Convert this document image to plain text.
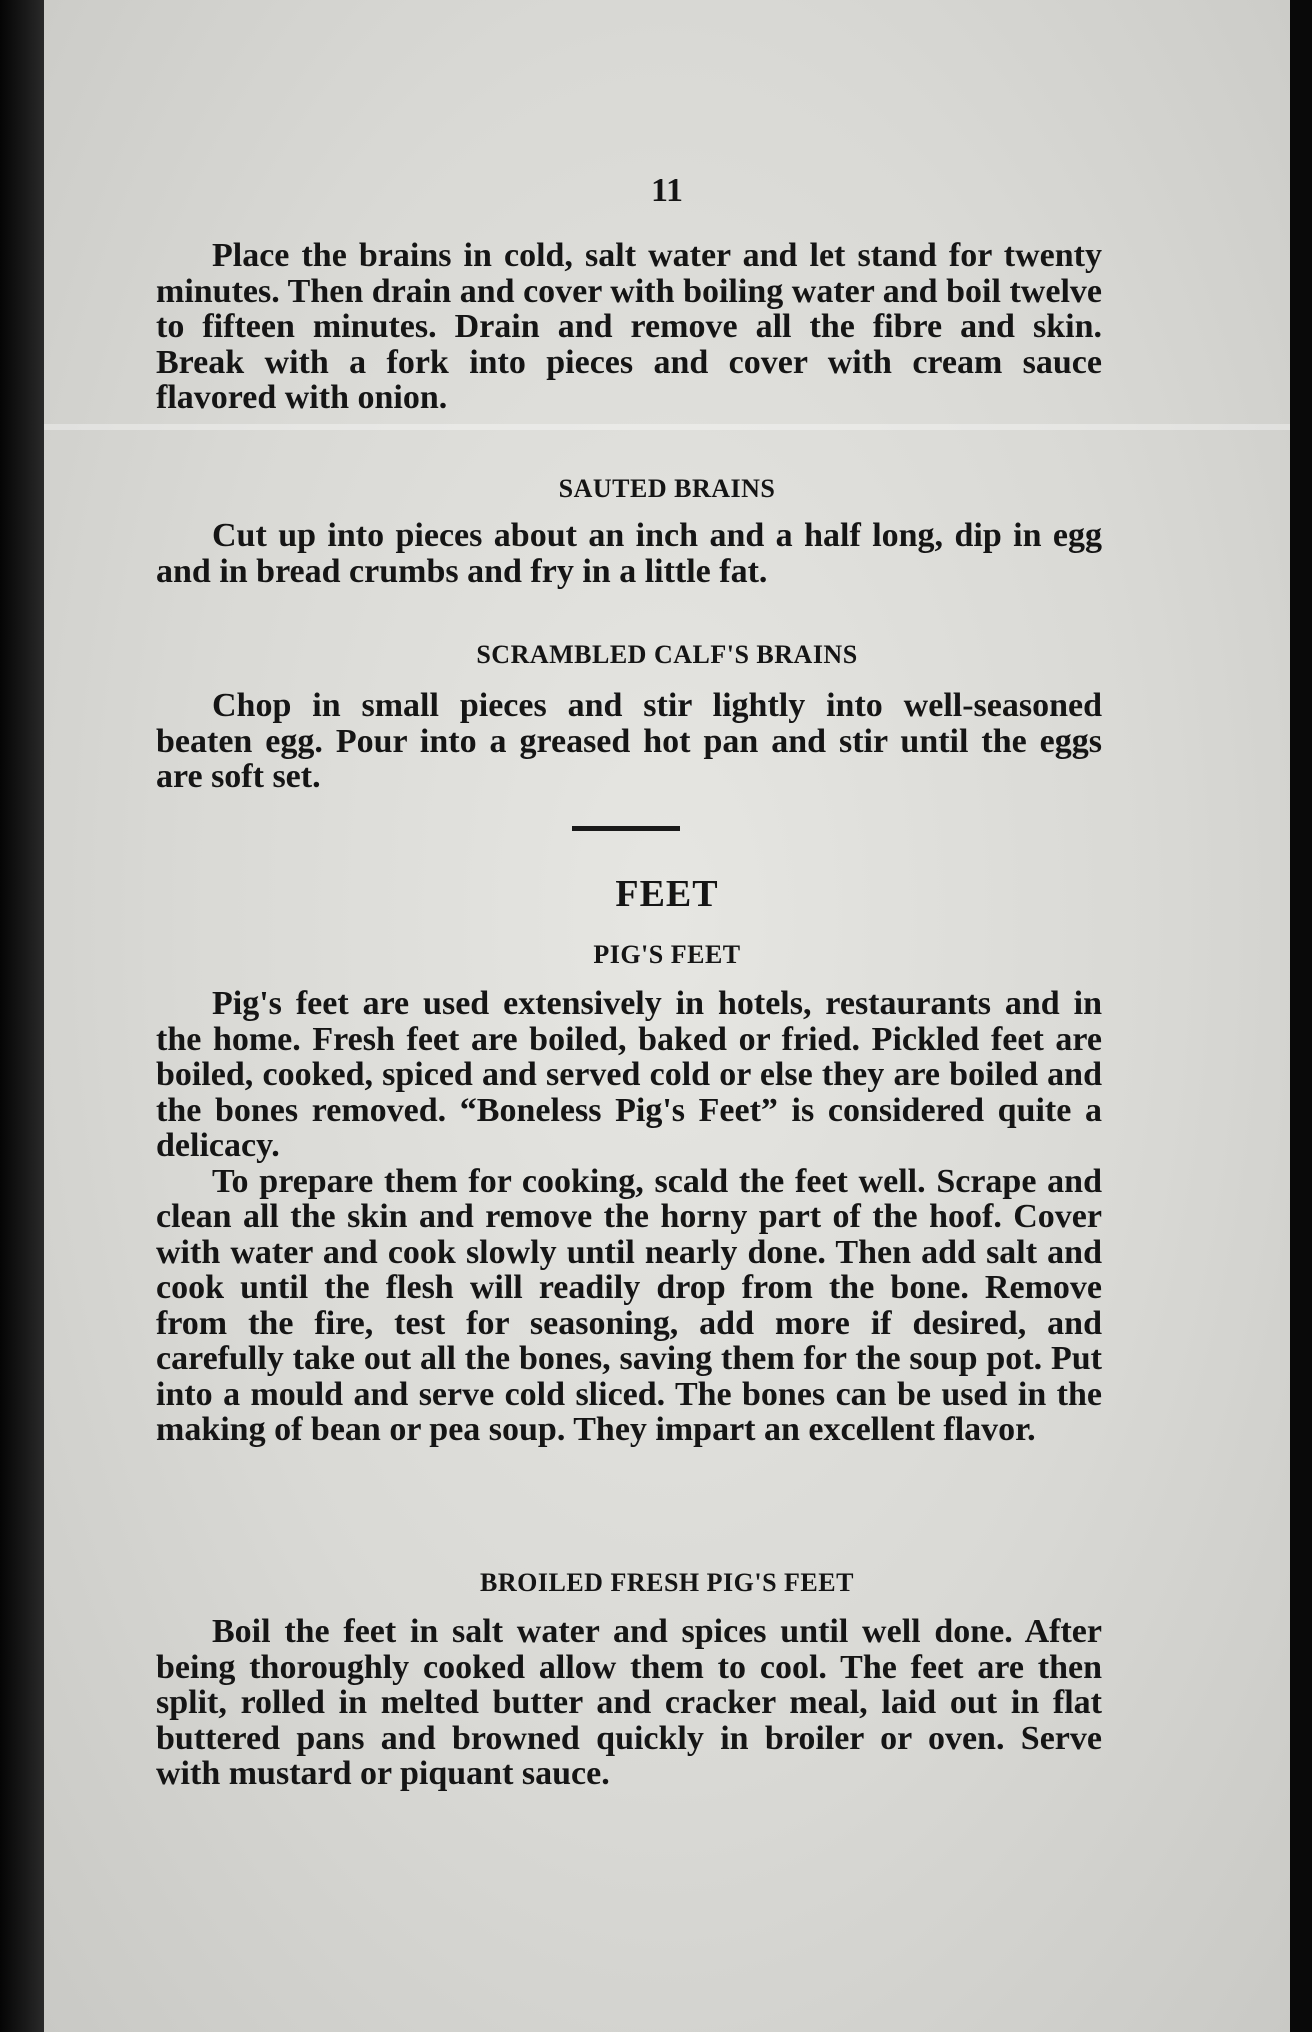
11

Place the brains in cold, salt water and let stand for twenty minutes. Then drain and cover with boiling water and boil twelve to fifteen minutes. Drain and remove all the fibre and skin. Break with a fork into pieces and cover with cream sauce flavored with onion.

SAUTED BRAINS

Cut up into pieces about an inch and a half long, dip in egg and in bread crumbs and fry in a little fat.

SCRAMBLED CALF'S BRAINS

Chop in small pieces and stir lightly into well-seasoned beaten egg. Pour into a greased hot pan and stir until the eggs are soft set.

FEET
PIG'S FEET

Pig's feet are used extensively in hotels, restaurants and in the home. Fresh feet are boiled, baked or fried. Pickled feet are boiled, cooked, spiced and served cold or else they are boiled and the bones removed. “Boneless Pig's Feet” is considered quite a delicacy.

To prepare them for cooking, scald the feet well. Scrape and clean all the skin and remove the horny part of the hoof. Cover with water and cook slowly until nearly done. Then add salt and cook until the flesh will readily drop from the bone. Remove from the fire, test for seasoning, add more if desired, and carefully take out all the bones, saving them for the soup pot. Put into a mould and serve cold sliced. The bones can be used in the making of bean or pea soup. They impart an excellent flavor.

BROILED FRESH PIG'S FEET

Boil the feet in salt water and spices until well done. After being thoroughly cooked allow them to cool. The feet are then split, rolled in melted butter and cracker meal, laid out in flat buttered pans and browned quickly in broiler or oven. Serve with mustard or piquant sauce.
